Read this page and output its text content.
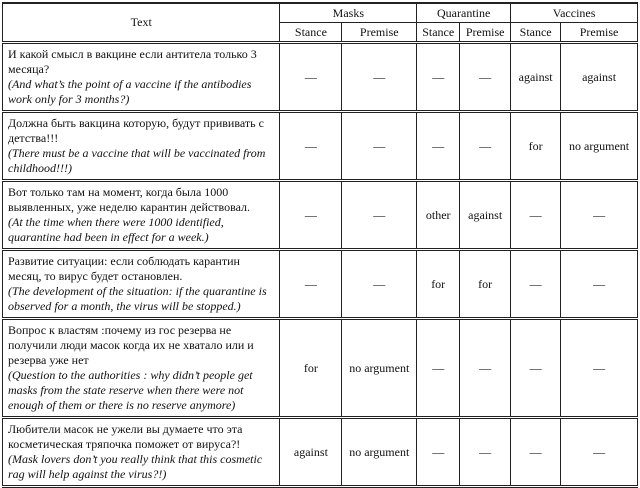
Text	Masks		Quarantine		Vaccines	
	Stance	Premise	Stance	Premise	Stance	Premise

И какой смысл в вакцине если антитела только 3 месяца?
(And what’s the point of a vaccine if the antibodies work only for 3 months?)	—	—	—	—	against	against

Должна быть вакцина которую, будут прививать с детства!!!
(There must be a vaccine that will be vaccinated from childhood!!!)	—	—	—	—	for	no argument

Вот только там на момент, когда была 1000 выявленных, уже неделю карантин действовал.
(At the time when there were 1000 identified, quarantine had been in effect for a week.)	—	—	other	against	—	—

Развитие ситуации: если соблюдать карантин месяц, то вирус будет остановлен.
(The development of the situation: if the quarantine is observed for a month, the virus will be stopped.)	—	—	for	for	—	—

Вопрос к властям :почему из гос резерва не получили люди масок когда их не хватало или и резерва уже нет
(Question to the authorities : why didn’t people get masks from the state reserve when there were not enough of them or there is no reserve anymore)	for	no argument	—	—	—	—

Любители масок не ужели вы думаете что эта косметическая тряпочка поможет от вируса?!
(Mask lovers don’t you really think that this cosmetic rag will help against the virus?!)	against	no argument	—	—	—	—
